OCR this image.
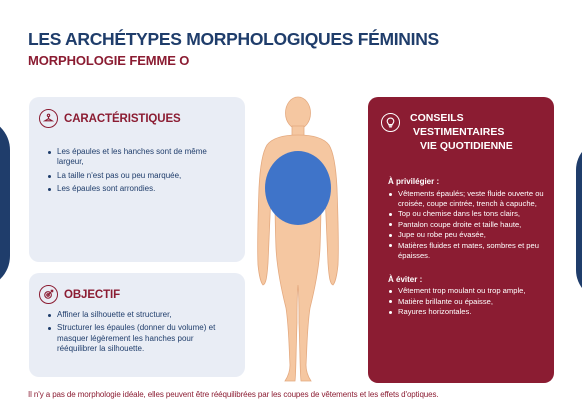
LES ARCHÉTYPES MORPHOLOGIQUES FÉMININS
MORPHOLOGIE FEMME O
CARACTÉRISTIQUES
Les épaules et les hanches sont de même largeur,
La taille n'est pas ou peu marquée,
Les épaules sont arrondies.
OBJECTIF
Affiner la silhouette et structurer,
Structurer les épaules (donner du volume) et masquer légèrement les hanches pour rééquilibrer la silhouette.
CONSEILS
VESTIMENTAIRES
VIE QUOTIDIENNE
À privilégier :
Vêtements épaulés; veste fluide ouverte ou croisée, coupe cintrée, trench à capuche,
Top ou chemise dans les tons clairs,
Pantalon coupe droite et taille haute,
Jupe ou robe peu évasée,
Matières fluides et mates, sombres et peu épaisses.
À éviter :
Vêtement trop moulant ou trop ample,
Matière brillante ou épaisse,
Rayures horizontales.

Il n'y a pas de morphologie idéale, elles peuvent être rééquilibrées par les coupes de vêtements et les effets d'optiques.
